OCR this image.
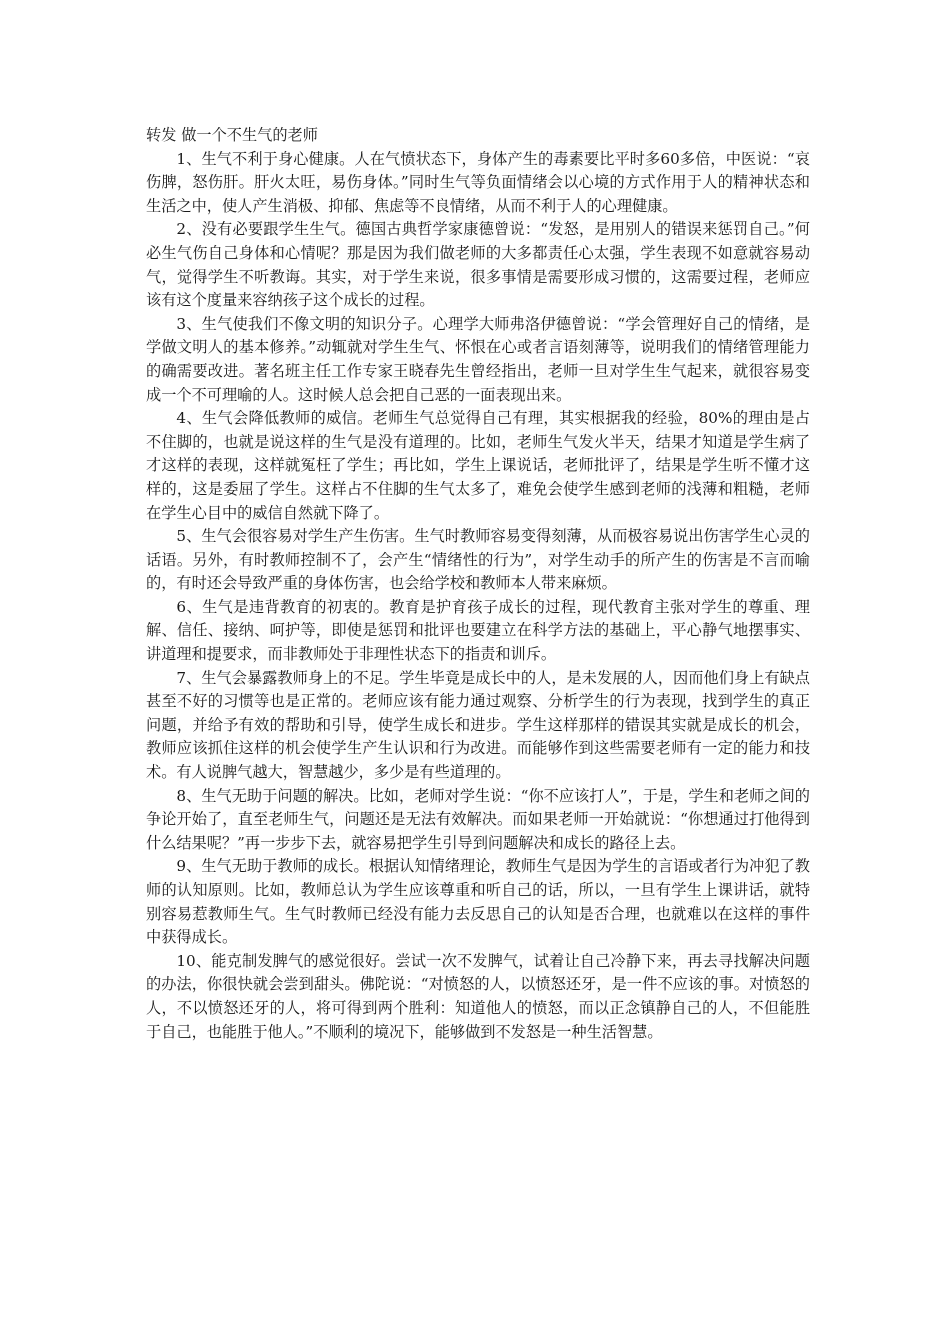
转发 做一个不生气的老师

1、生气不利于身心健康。人在气愤状态下，身体产生的毒素要比平时多60多倍，中医说：“哀伤脾，怒伤肝。肝火太旺，易伤身体。”同时生气等负面情绪会以心境的方式作用于人的精神状态和生活之中，使人产生消极、抑郁、焦虑等不良情绪，从而不利于人的心理健康。

2、没有必要跟学生生气。德国古典哲学家康德曾说：“发怒，是用别人的错误来惩罚自己。”何必生气伤自己身体和心情呢？那是因为我们做老师的大多都责任心太强，学生表现不如意就容易动气，觉得学生不听教诲。其实，对于学生来说，很多事情是需要形成习惯的，这需要过程，老师应该有这个度量来容纳孩子这个成长的过程。

3、生气使我们不像文明的知识分子。心理学大师弗洛伊德曾说：“学会管理好自己的情绪，是学做文明人的基本修养。”动辄就对学生生气、怀恨在心或者言语刻薄等，说明我们的情绪管理能力的确需要改进。著名班主任工作专家王晓春先生曾经指出，老师一旦对学生生气起来，就很容易变成一个不可理喻的人。这时候人总会把自己恶的一面表现出来。

4、生气会降低教师的威信。老师生气总觉得自己有理，其实根据我的经验，80%的理由是占不住脚的，也就是说这样的生气是没有道理的。比如，老师生气发火半天，结果才知道是学生病了才这样的表现，这样就冤枉了学生；再比如，学生上课说话，老师批评了，结果是学生听不懂才这样的，这是委屈了学生。这样占不住脚的生气太多了，难免会使学生感到老师的浅薄和粗糙，老师在学生心目中的威信自然就下降了。

5、生气会很容易对学生产生伤害。生气时教师容易变得刻薄，从而极容易说出伤害学生心灵的话语。另外，有时教师控制不了，会产生“情绪性的行为”，对学生动手的所产生的伤害是不言而喻的，有时还会导致严重的身体伤害，也会给学校和教师本人带来麻烦。

6、生气是违背教育的初衷的。教育是护育孩子成长的过程，现代教育主张对学生的尊重、理解、信任、接纳、呵护等，即使是惩罚和批评也要建立在科学方法的基础上，平心静气地摆事实、讲道理和提要求，而非教师处于非理性状态下的指责和训斥。

7、生气会暴露教师身上的不足。学生毕竟是成长中的人，是未发展的人，因而他们身上有缺点甚至不好的习惯等也是正常的。老师应该有能力通过观察、分析学生的行为表现，找到学生的真正问题，并给予有效的帮助和引导，使学生成长和进步。学生这样那样的错误其实就是成长的机会，教师应该抓住这样的机会使学生产生认识和行为改进。而能够作到这些需要老师有一定的能力和技术。有人说脾气越大，智慧越少，多少是有些道理的。

8、生气无助于问题的解决。比如，老师对学生说：“你不应该打人”，于是，学生和老师之间的争论开始了，直至老师生气，问题还是无法有效解决。而如果老师一开始就说：“你想通过打他得到什么结果呢？”再一步步下去，就容易把学生引导到问题解决和成长的路径上去。

9、生气无助于教师的成长。根据认知情绪理论，教师生气是因为学生的言语或者行为冲犯了教师的认知原则。比如，教师总认为学生应该尊重和听自己的话，所以，一旦有学生上课讲话，就特别容易惹教师生气。生气时教师已经没有能力去反思自己的认知是否合理，也就难以在这样的事件中获得成长。

10、能克制发脾气的感觉很好。尝试一次不发脾气，试着让自己冷静下来，再去寻找解决问题的办法，你很快就会尝到甜头。佛陀说：“对愤怒的人，以愤怒还牙，是一件不应该的事。对愤怒的人，不以愤怒还牙的人，将可得到两个胜利：知道他人的愤怒，而以正念镇静自己的人，不但能胜于自己，也能胜于他人。”不顺利的境况下，能够做到不发怒是一种生活智慧。
